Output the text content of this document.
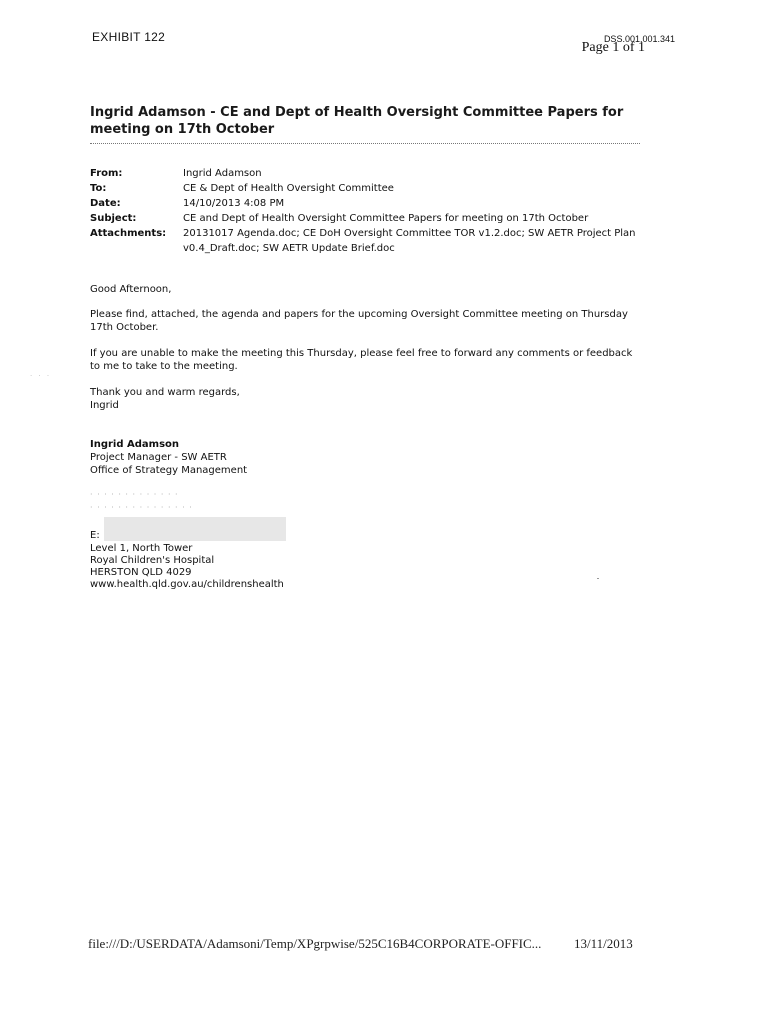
EXHIBIT 122	DSS.001.001.341
Page 1 of 1
Ingrid Adamson - CE and Dept of Health Oversight Committee Papers for meeting on 17th October
From:	Ingrid Adamson
To:	CE & Dept of Health Oversight Committee
Date:	14/10/2013 4:08 PM
Subject:	CE and Dept of Health Oversight Committee Papers for meeting on 17th October
Attachments:	20131017 Agenda.doc; CE DoH Oversight Committee TOR v1.2.doc; SW AETR Project Plan v0.4_Draft.doc; SW AETR Update Brief.doc
Good Afternoon,
Please find, attached, the agenda and papers for the upcoming Oversight Committee meeting on Thursday 17th October.
If you are unable to make the meeting this Thursday, please feel free to forward any comments or feedback to me to take to the meeting.
Thank you and warm regards,
Ingrid
Ingrid Adamson
Project Manager - SW AETR
Office of Strategy Management
· · · · · · · · · · · · ·
· · · · · · · · · · · · · · ·
E:
Level 1, North Tower
Royal Children's Hospital
HERSTON QLD 4029
www.health.qld.gov.au/childrenshealth
· · ·
file:///D:/USERDATA/Adamsoni/Temp/XPgrpwise/525C16B4CORPORATE-OFFIC...	13/11/2013
